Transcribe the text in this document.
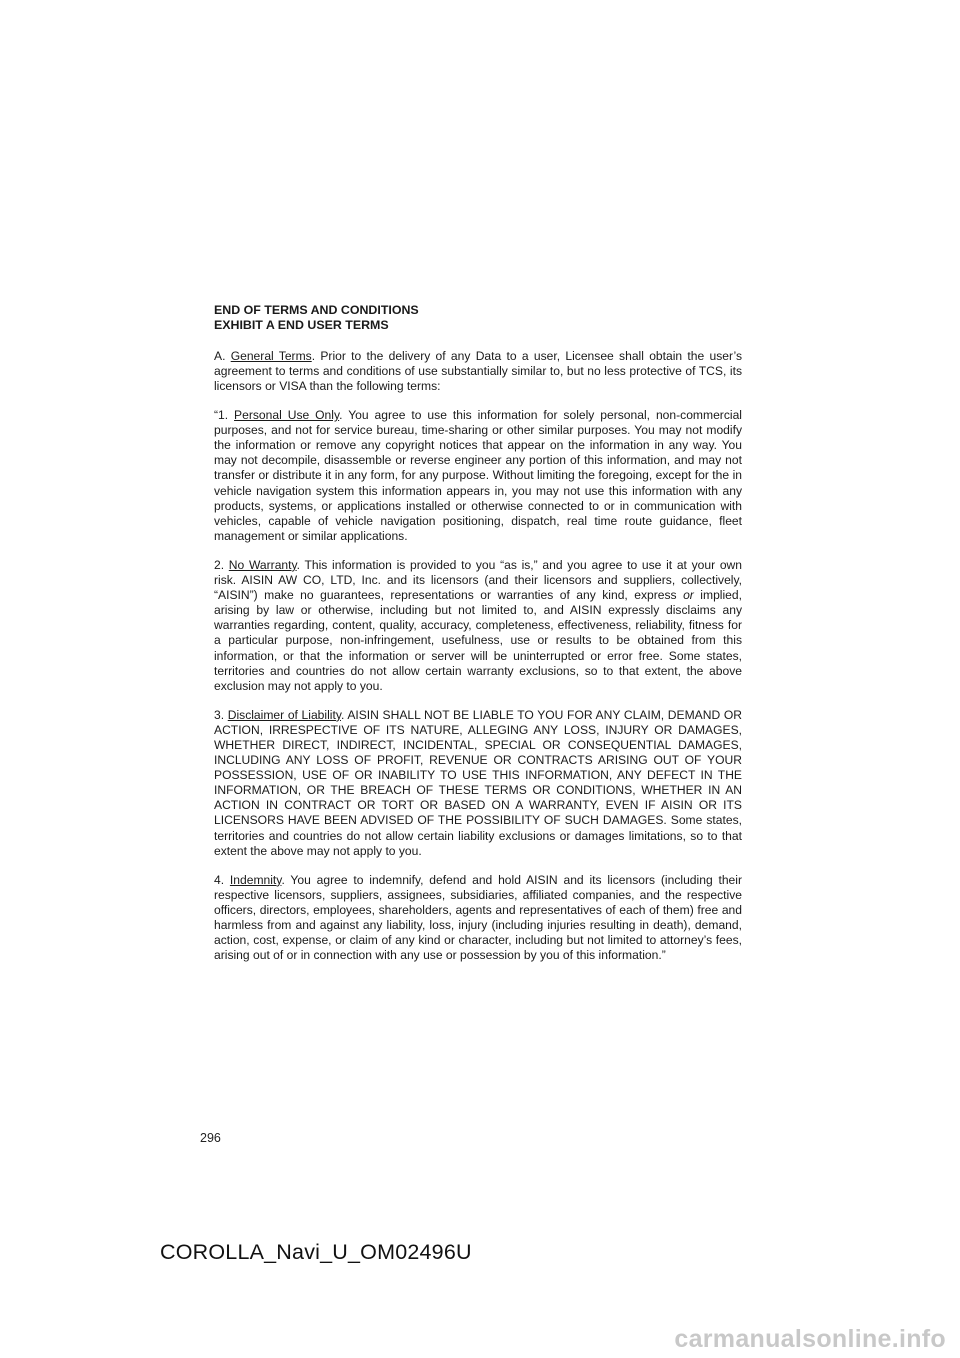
END OF TERMS AND CONDITIONS

EXHIBIT A END USER TERMS

A. General Terms. Prior to the delivery of any Data to a user, Licensee shall obtain the user’s agreement to terms and conditions of use substantially similar to, but no less protective of TCS, its licensors or VISA than the following terms:

“1. Personal Use Only. You agree to use this information for solely personal, non-commercial purposes, and not for service bureau, time-sharing or other similar purposes. You may not modify the information or remove any copyright notices that appear on the information in any way. You may not decompile, disassemble or reverse engineer any portion of this information, and may not transfer or distribute it in any form, for any purpose. Without limiting the foregoing, except for the in vehicle navigation system this information appears in, you may not use this information with any products, systems, or applications installed or otherwise connected to or in communication with vehicles, capable of vehicle navigation positioning, dispatch, real time route guidance, fleet management or similar applications.

2. No Warranty. This information is provided to you “as is,” and you agree to use it at your own risk. AISIN AW CO, LTD, Inc. and its licensors (and their licensors and suppliers, collectively, “AISIN”) make no guarantees, representations or warranties of any kind, express or implied, arising by law or otherwise, including but not limited to, and AISIN expressly disclaims any warranties regarding, content, quality, accuracy, completeness, effectiveness, reliability, fitness for a particular purpose, non-infringement, usefulness, use or results to be obtained from this information, or that the information or server will be uninterrupted or error free. Some states, territories and countries do not allow certain warranty exclusions, so to that extent, the above exclusion may not apply to you.

3. Disclaimer of Liability. AISIN SHALL NOT BE LIABLE TO YOU FOR ANY CLAIM, DEMAND OR ACTION, IRRESPECTIVE OF ITS NATURE, ALLEGING ANY LOSS, INJURY OR DAMAGES, WHETHER DIRECT, INDIRECT, INCIDENTAL, SPECIAL OR CONSEQUENTIAL DAMAGES, INCLUDING ANY LOSS OF PROFIT, REVENUE OR CONTRACTS ARISING OUT OF YOUR POSSESSION, USE OF OR INABILITY TO USE THIS INFORMATION, ANY DEFECT IN THE INFORMATION, OR THE BREACH OF THESE TERMS OR CONDITIONS, WHETHER IN AN ACTION IN CONTRACT OR TORT OR BASED ON A WARRANTY, EVEN IF AISIN OR ITS LICENSORS HAVE BEEN ADVISED OF THE POSSIBILITY OF SUCH DAMAGES. Some states, territories and countries do not allow certain liability exclusions or damages limitations, so to that extent the above may not apply to you.

4. Indemnity. You agree to indemnify, defend and hold AISIN and its licensors (including their respective licensors, suppliers, assignees, subsidiaries, affiliated companies, and the respective officers, directors, employees, shareholders, agents and representatives of each of them) free and harmless from and against any liability, loss, injury (including injuries resulting in death), demand, action, cost, expense, or claim of any kind or character, including but not limited to attorney’s fees, arising out of or in connection with any use or possession by you of this information.”

296
COROLLA_Navi_U_OM02496U
carmanualsonline.info
